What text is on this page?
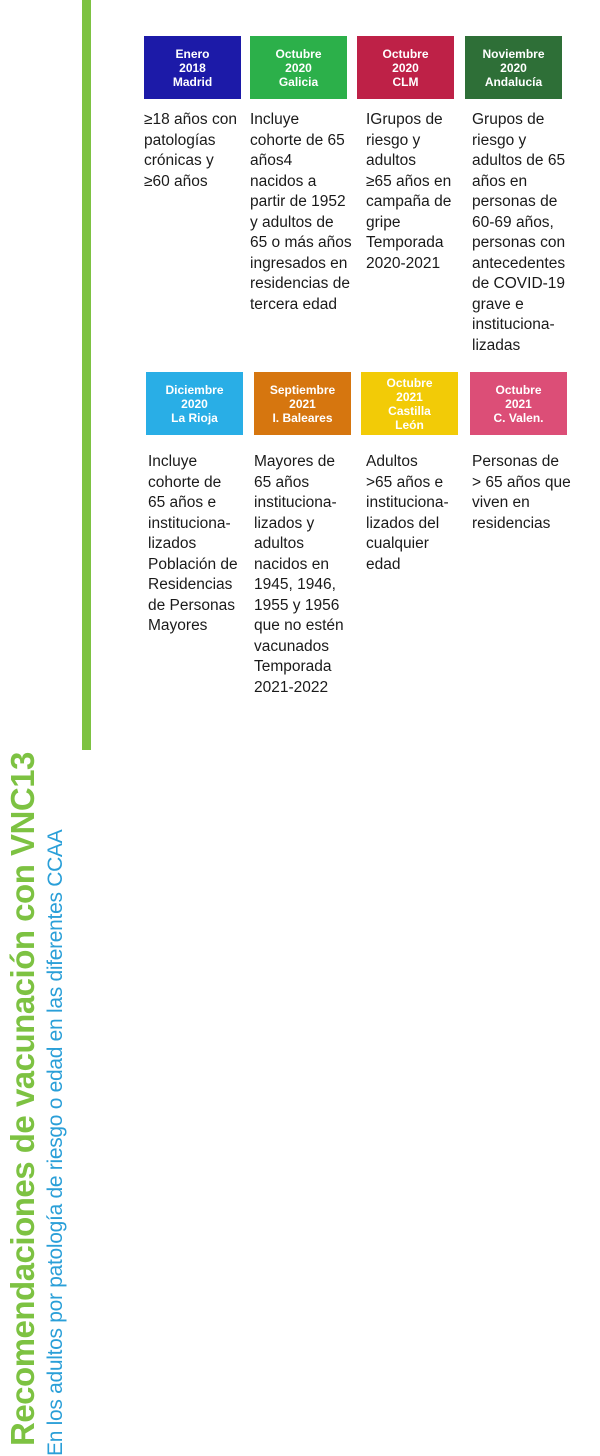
Recomendaciones de vacunación con VNC13 En los adultos por patología de riesgo o edad en las diferentes CCAA
Enero
2018
Madrid
≥18 años con
patologías
crónicas y
≥60 años
Octubre
2020
Galicia
Incluye
cohorte de 65
años4
nacidos a
partir de 1952
y adultos de
65 o más años
ingresados en
residencias de
tercera edad
Octubre
2020
CLM
IGrupos de
riesgo y
adultos
≥65 años en
campaña de
gripe
Temporada
2020-2021
Noviembre
2020
Andalucía
Grupos de
riesgo y
adultos de 65
años en
personas de
60-69 años,
personas con
antecedentes
de COVID-19
grave e
instituciona-
lizadas
Diciembre
2020
La Rioja
Incluye
cohorte de
65 años e
instituciona-
lizados
Población de
Residencias
de Personas
Mayores
Septiembre
2021
I. Baleares
Mayores de
65 años
instituciona-
lizados y
adultos
nacidos en
1945, 1946,
1955 y 1956
que no estén
vacunados
Temporada
2021-2022
Octubre
2021
Castilla
León
Adultos
>65 años e
instituciona-
lizados del
cualquier
edad
Octubre
2021
C. Valen.
Personas de
> 65 años que
viven en
residencias
